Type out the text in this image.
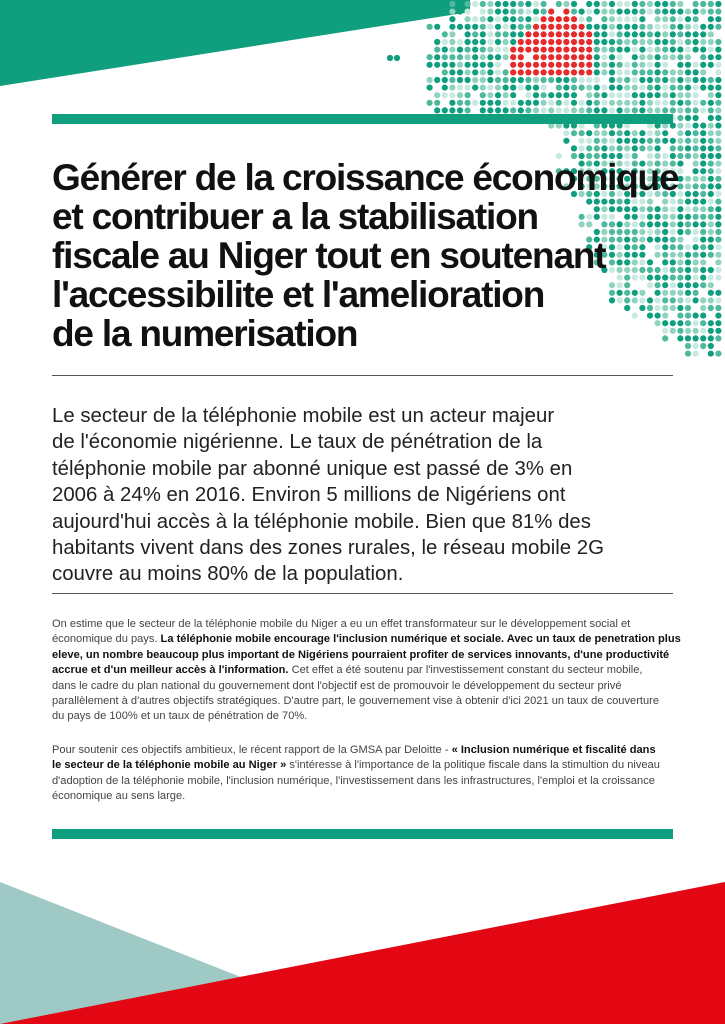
Générer de la croissance économique
et contribuer a la stabilisation
fiscale au Niger tout en soutenant
l'accessibilite et l'amelioration
de la numerisation

Le secteur de la téléphonie mobile est un acteur majeur
de l'économie nigérienne. Le taux de pénétration de la
téléphonie mobile par abonné unique est passé de 3% en
2006 à 24% en 2016. Environ 5 millions de Nigériens ont
aujourd'hui accès à la téléphonie mobile. Bien que 81% des
habitants vivent dans des zones rurales, le réseau mobile 2G
couvre au moins 80% de la population.

On estime que le secteur de la téléphonie mobile du Niger a eu un effet transformateur sur le développement social et
économique du pays. La téléphonie mobile encourage l'inclusion numérique et sociale. Avec un taux de penetration plus
eleve, un nombre beaucoup plus important de Nigériens pourraient profiter de services innovants, d'une productivité
accrue et d'un meilleur accès à l'information. Cet effet a été soutenu par l'investissement constant du secteur mobile,
dans le cadre du plan national du gouvernement dont l'objectif est de promouvoir le développement du secteur privé
parallèlement à d'autres objectifs stratégiques. D'autre part, le gouvernement vise à obtenir d'ici 2021 un taux de couverture
du pays de 100% et un taux de pénétration de 70%.

Pour soutenir ces objectifs ambitieux, le récent rapport de la GMSA par Deloitte - « Inclusion numérique et fiscalité dans
le secteur de la téléphonie mobile au Niger » s'intéresse à l'importance de la politique fiscale dans la stimultion du niveau
d'adoption de la téléphonie mobile, l'inclusion numérique, l'investissement dans les infrastructures, l'emploi et la croissance
économique au sens large.
